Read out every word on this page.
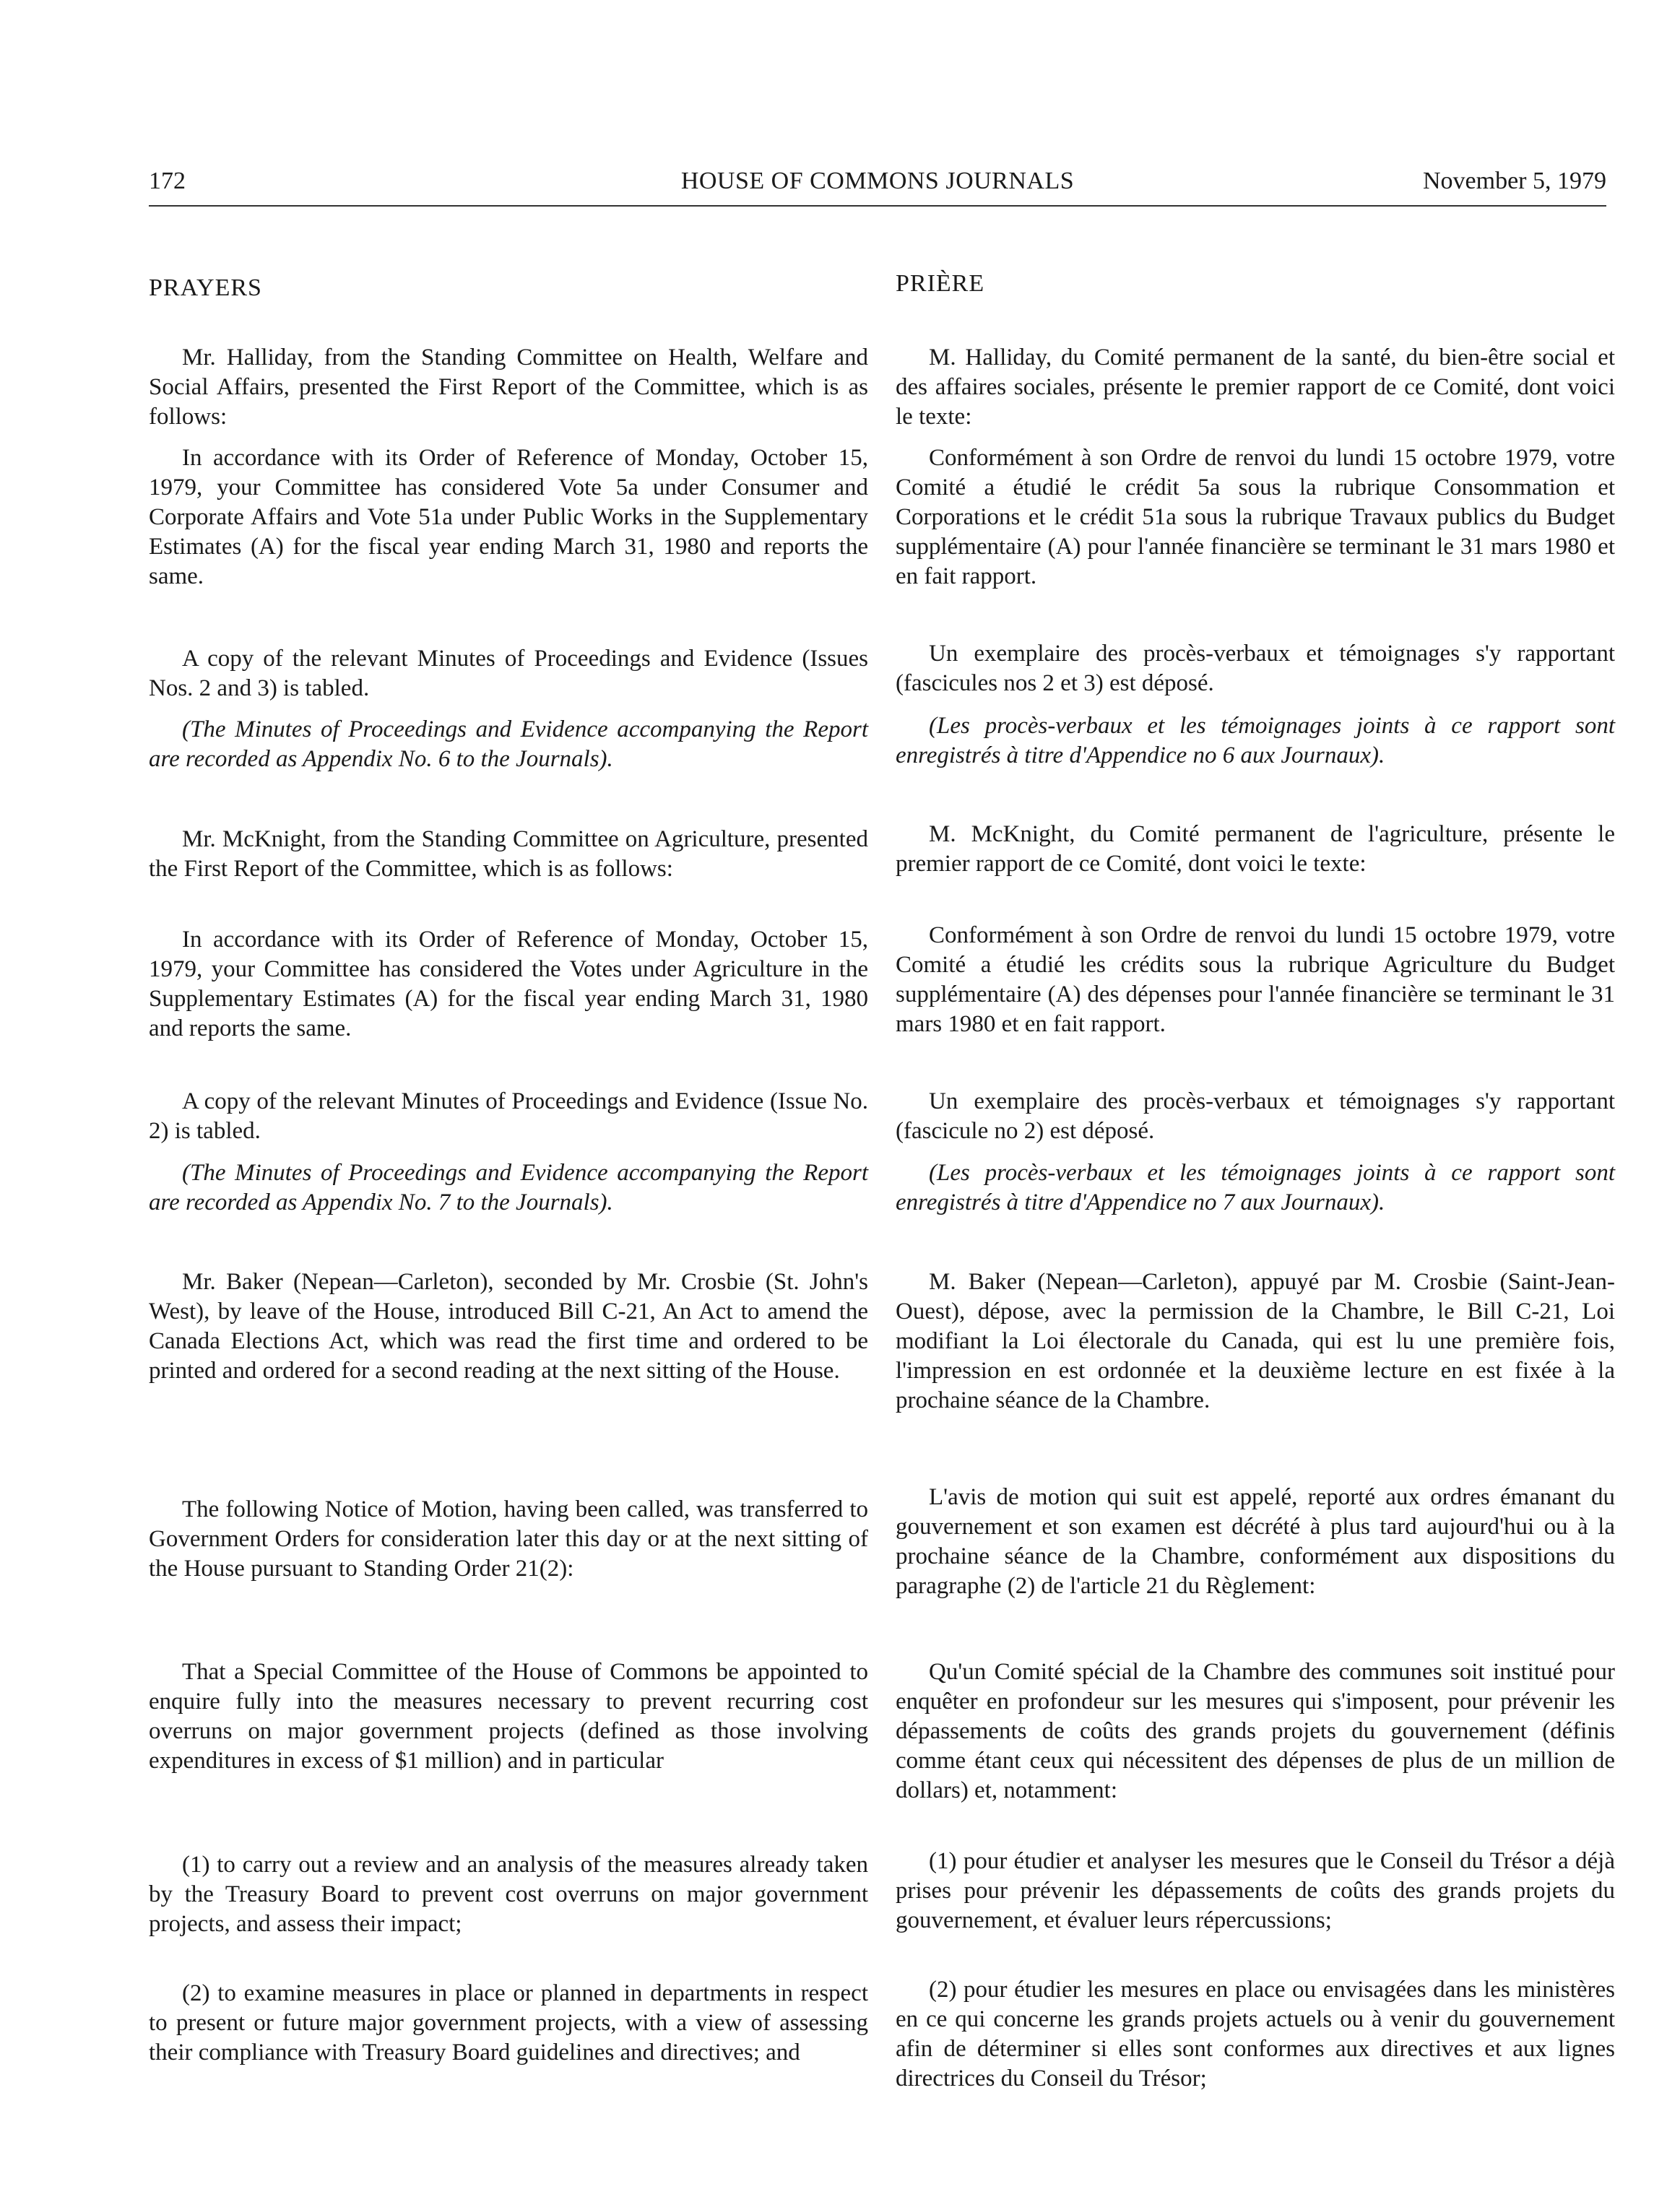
172	HOUSE OF COMMONS JOURNALS	November 5, 1979

PRAYERS

Mr. Halliday, from the Standing Committee on Health, Welfare and Social Affairs, presented the First Report of the Committee, which is as follows:

In accordance with its Order of Reference of Monday, October 15, 1979, your Committee has considered Vote 5a under Consumer and Corporate Affairs and Vote 51a under Public Works in the Supplementary Estimates (A) for the fiscal year ending March 31, 1980 and reports the same.

A copy of the relevant Minutes of Proceedings and Evidence (Issues Nos. 2 and 3) is tabled.

(The Minutes of Proceedings and Evidence accompanying the Report are recorded as Appendix No. 6 to the Journals).

Mr. McKnight, from the Standing Committee on Agriculture, presented the First Report of the Committee, which is as follows:

In accordance with its Order of Reference of Monday, October 15, 1979, your Committee has considered the Votes under Agriculture in the Supplementary Estimates (A) for the fiscal year ending March 31, 1980 and reports the same.

A copy of the relevant Minutes of Proceedings and Evidence (Issue No. 2) is tabled.

(The Minutes of Proceedings and Evidence accompanying the Report are recorded as Appendix No. 7 to the Journals).

Mr. Baker (Nepean—Carleton), seconded by Mr. Crosbie (St. John's West), by leave of the House, introduced Bill C-21, An Act to amend the Canada Elections Act, which was read the first time and ordered to be printed and ordered for a second reading at the next sitting of the House.

The following Notice of Motion, having been called, was transferred to Government Orders for consideration later this day or at the next sitting of the House pursuant to Standing Order 21(2):

That a Special Committee of the House of Commons be appointed to enquire fully into the measures necessary to prevent recurring cost overruns on major government projects (defined as those involving expenditures in excess of $1 million) and in particular

(1) to carry out a review and an analysis of the measures already taken by the Treasury Board to prevent cost overruns on major government projects, and assess their impact;

(2) to examine measures in place or planned in departments in respect to present or future major government projects, with a view of assessing their compliance with Treasury Board guidelines and directives; and

PRIÈRE

M. Halliday, du Comité permanent de la santé, du bien-être social et des affaires sociales, présente le premier rapport de ce Comité, dont voici le texte:

Conformément à son Ordre de renvoi du lundi 15 octobre 1979, votre Comité a étudié le crédit 5a sous la rubrique Consommation et Corporations et le crédit 51a sous la rubrique Travaux publics du Budget supplémentaire (A) pour l'année financière se terminant le 31 mars 1980 et en fait rapport.

Un exemplaire des procès-verbaux et témoignages s'y rapportant (fascicules nos 2 et 3) est déposé.

(Les procès-verbaux et les témoignages joints à ce rapport sont enregistrés à titre d'Appendice no 6 aux Journaux).

M. McKnight, du Comité permanent de l'agriculture, présente le premier rapport de ce Comité, dont voici le texte:

Conformément à son Ordre de renvoi du lundi 15 octobre 1979, votre Comité a étudié les crédits sous la rubrique Agriculture du Budget supplémentaire (A) des dépenses pour l'année financière se terminant le 31 mars 1980 et en fait rapport.

Un exemplaire des procès-verbaux et témoignages s'y rapportant (fascicule no 2) est déposé.

(Les procès-verbaux et les témoignages joints à ce rapport sont enregistrés à titre d'Appendice no 7 aux Journaux).

M. Baker (Nepean—Carleton), appuyé par M. Crosbie (Saint-Jean-Ouest), dépose, avec la permission de la Chambre, le Bill C-21, Loi modifiant la Loi électorale du Canada, qui est lu une première fois, l'impression en est ordonnée et la deuxième lecture en est fixée à la prochaine séance de la Chambre.

L'avis de motion qui suit est appelé, reporté aux ordres émanant du gouvernement et son examen est décrété à plus tard aujourd'hui ou à la prochaine séance de la Chambre, conformément aux dispositions du paragraphe (2) de l'article 21 du Règlement:

Qu'un Comité spécial de la Chambre des communes soit institué pour enquêter en profondeur sur les mesures qui s'imposent, pour prévenir les dépassements de coûts des grands projets du gouvernement (définis comme étant ceux qui nécessitent des dépenses de plus de un million de dollars) et, notamment:

(1) pour étudier et analyser les mesures que le Conseil du Trésor a déjà prises pour prévenir les dépassements de coûts des grands projets du gouvernement, et évaluer leurs répercussions;

(2) pour étudier les mesures en place ou envisagées dans les ministères en ce qui concerne les grands projets actuels ou à venir du gouvernement afin de déterminer si elles sont conformes aux directives et aux lignes directrices du Conseil du Trésor;
